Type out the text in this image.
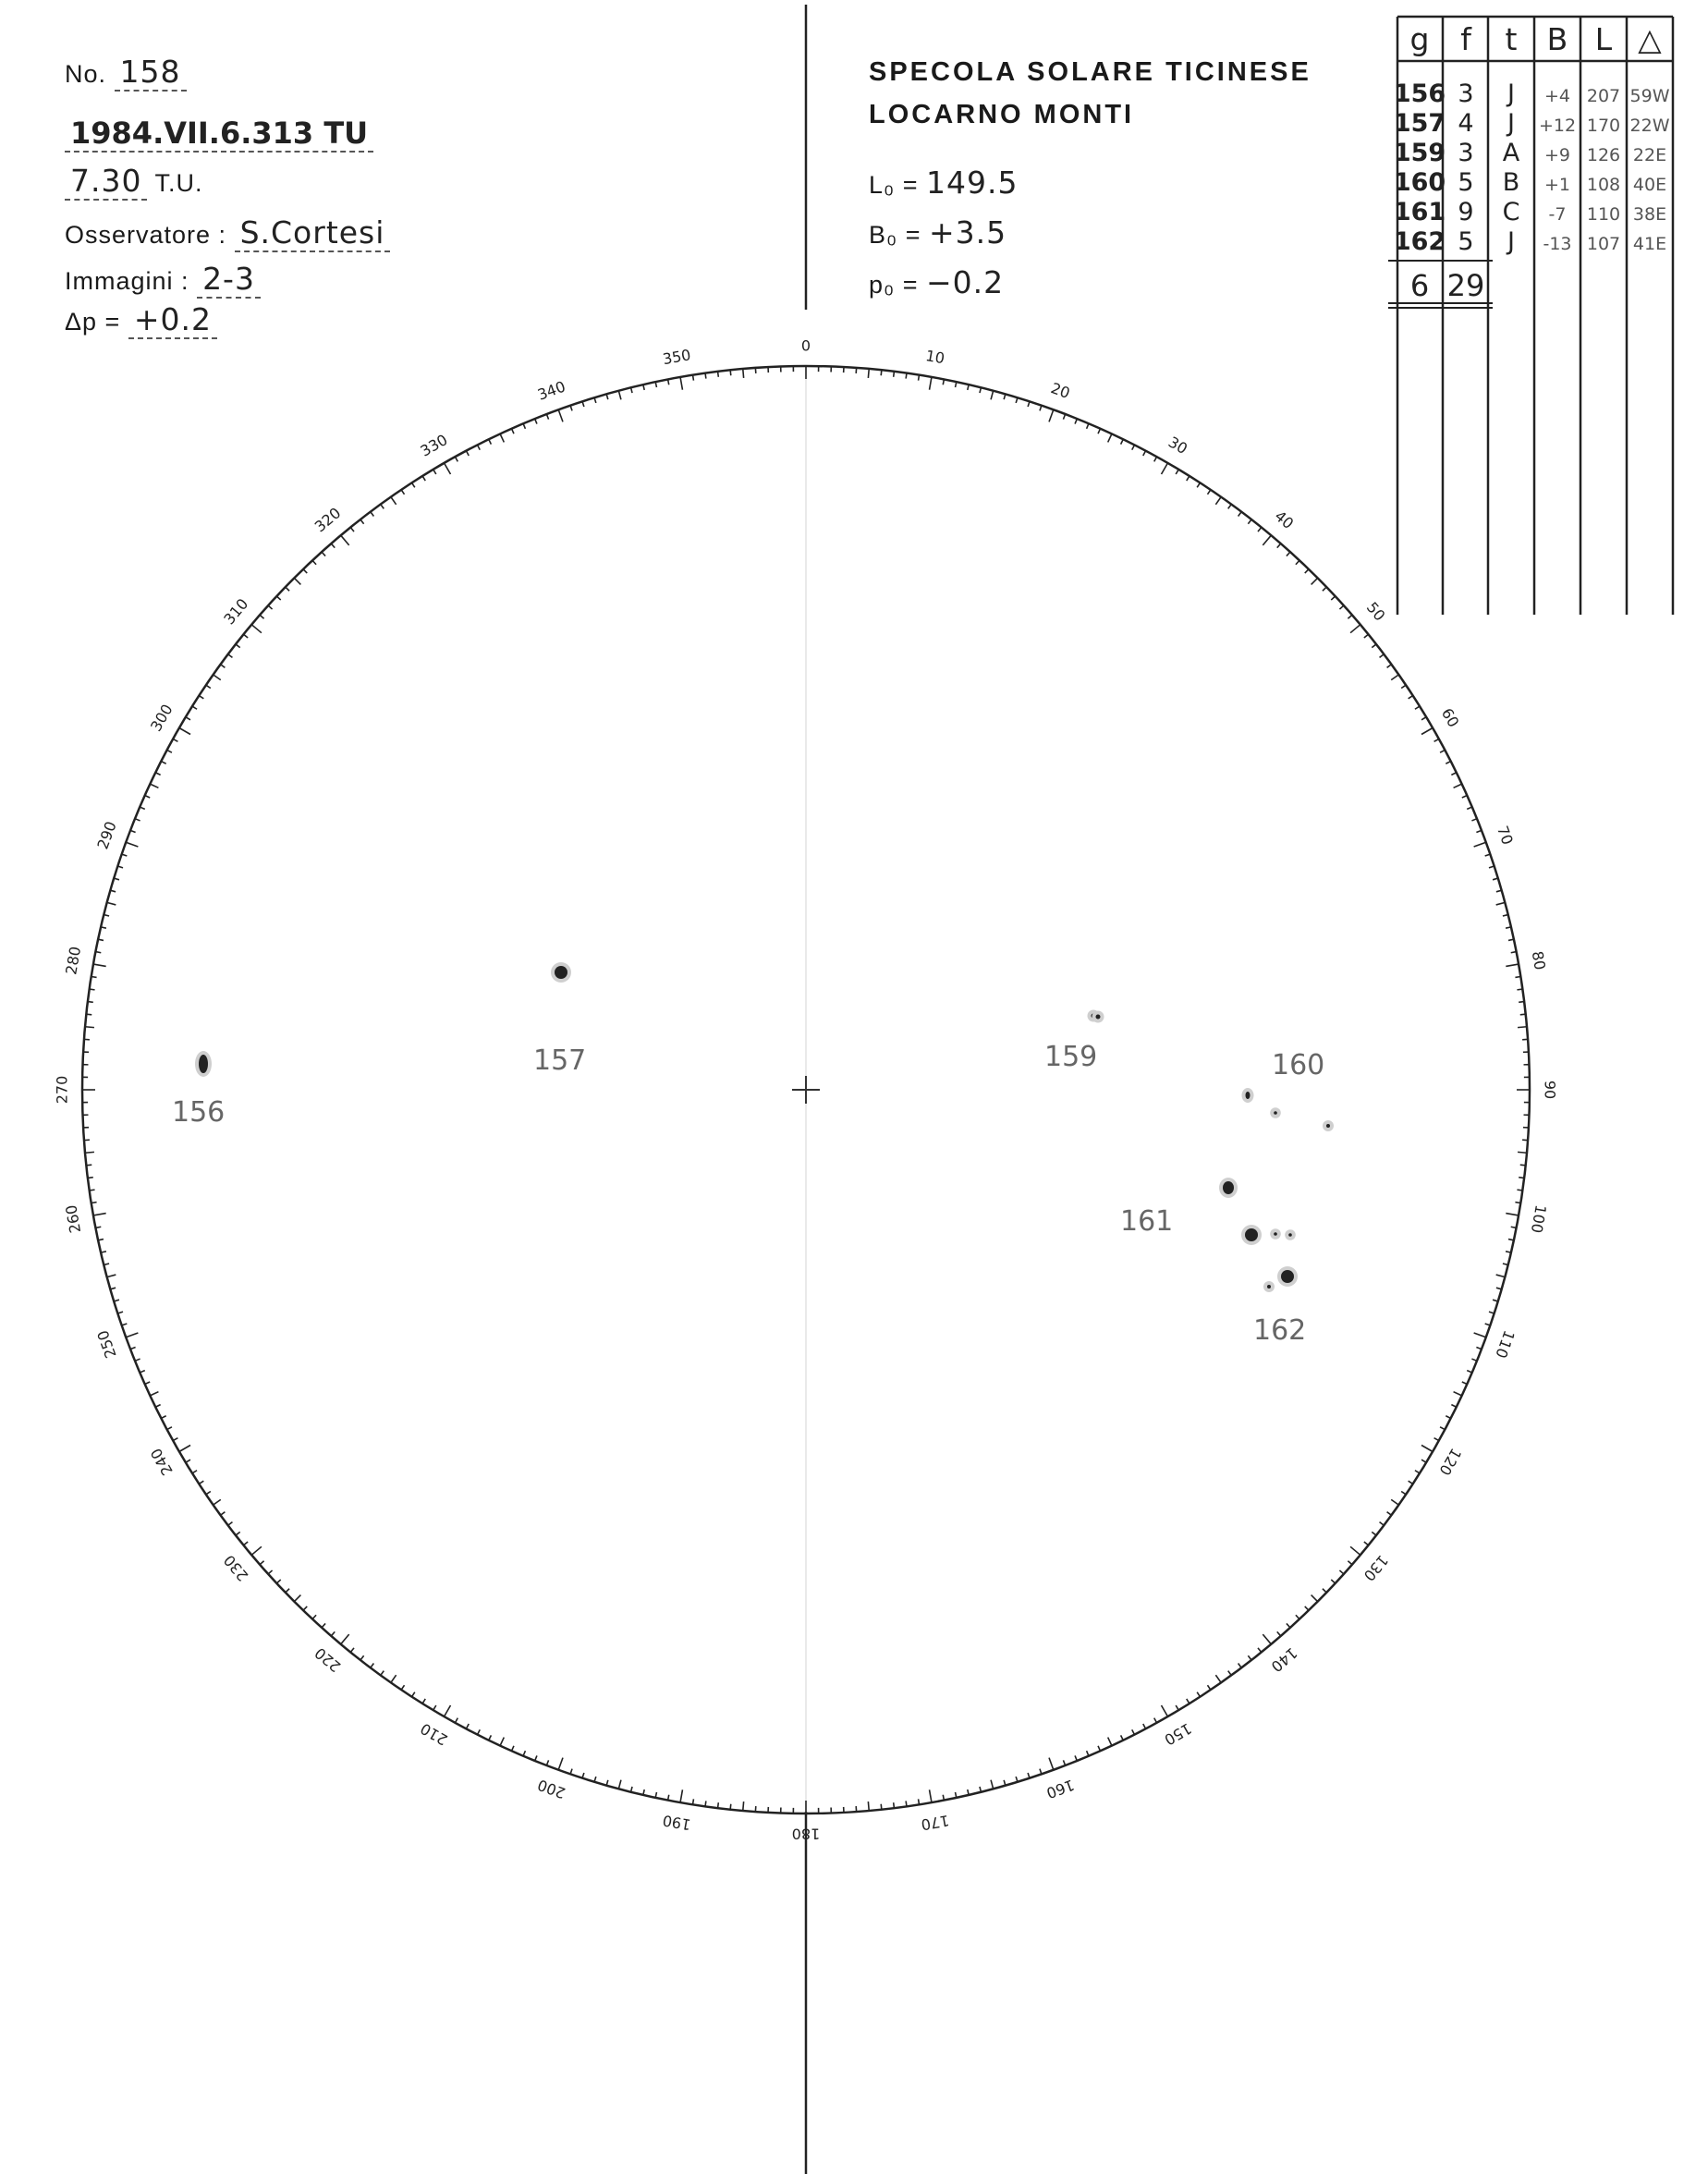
No. 158
1984.VII.6.313 TU
7.30 T.U.
Osservatore : S.Cortesi
Immagini : 2-3
Δp = +0.2
SPECOLA SOLARE TICINESE
LOCARNO MONTI
L₀ = 149.5
B₀ = +3.5
p₀ = −0.2
0
10
20
30
40
50
60
70
80
90
100
110
120
130
140
150
160
170
180
190
200
210
220
230
240
250
260
270
280
290
300
310
320
330
340
350
156
157	159	160
161
162
g f t B L △
156 3 J +4 207 59W
157 4 J +12 170 22W
159 3 A +9 126 22E
160 5 B +1 108 40E
161 9 C -7 110 38E
162 5 J -13 107 41E
6 29
